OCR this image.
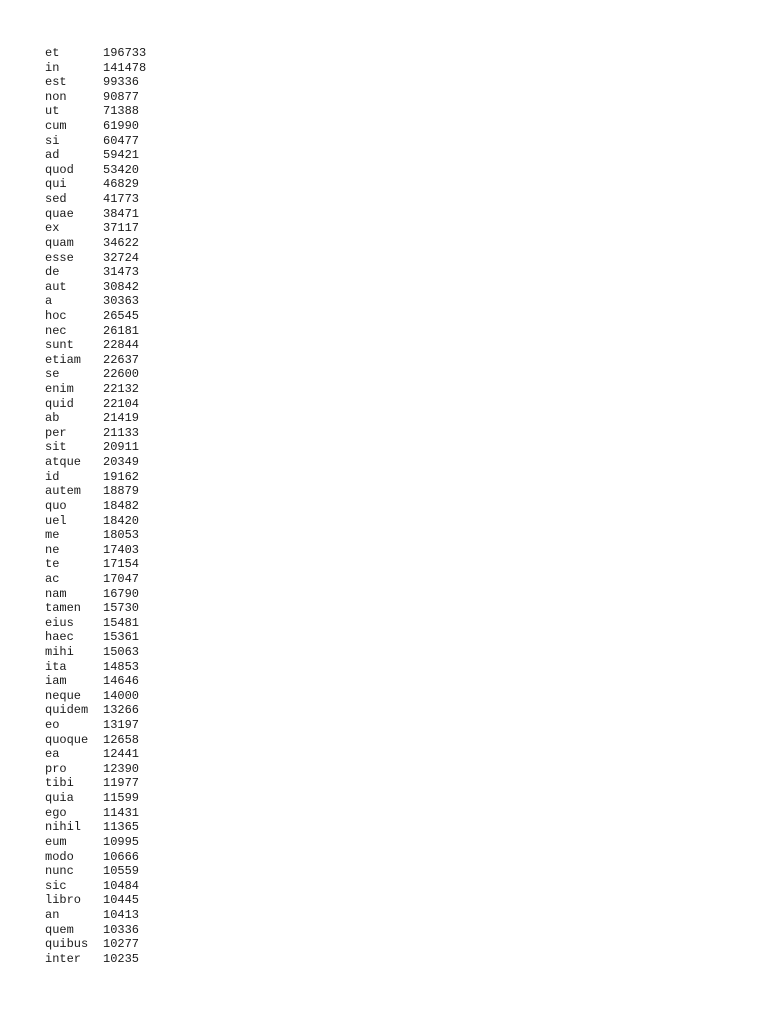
et	196733
in	141478
est	99336
non	90877
ut	71388
cum	61990
si	60477
ad	59421
quod 53420
qui	46829
sed	41773
quae 38471
ex	37117
quam 34622
esse 32724
de	31473
aut	30842
a	30363
hoc	26545
nec	26181
sunt 22844
etiam 22637
se	22600
enim 22132
quid 22104
ab	21419
per	21133
sit	20911
atque 20349
id	19162
autem 18879
quo	18482
uel	18420
me	18053
ne	17403
te	17154
ac	17047
nam	16790
tamen 15730
eius 15481
haec 15361
mihi 15063
ita	14853
iam	14646
neque 14000
quidem 13266
eo	13197
quoque 12658
ea	12441
pro	12390
tibi 11977
quia 11599
ego	11431
nihil 11365
eum	10995
modo 10666
nunc 10559
sic	10484
libro 10445
an	10413
quem 10336
quibus 10277
inter 10235
